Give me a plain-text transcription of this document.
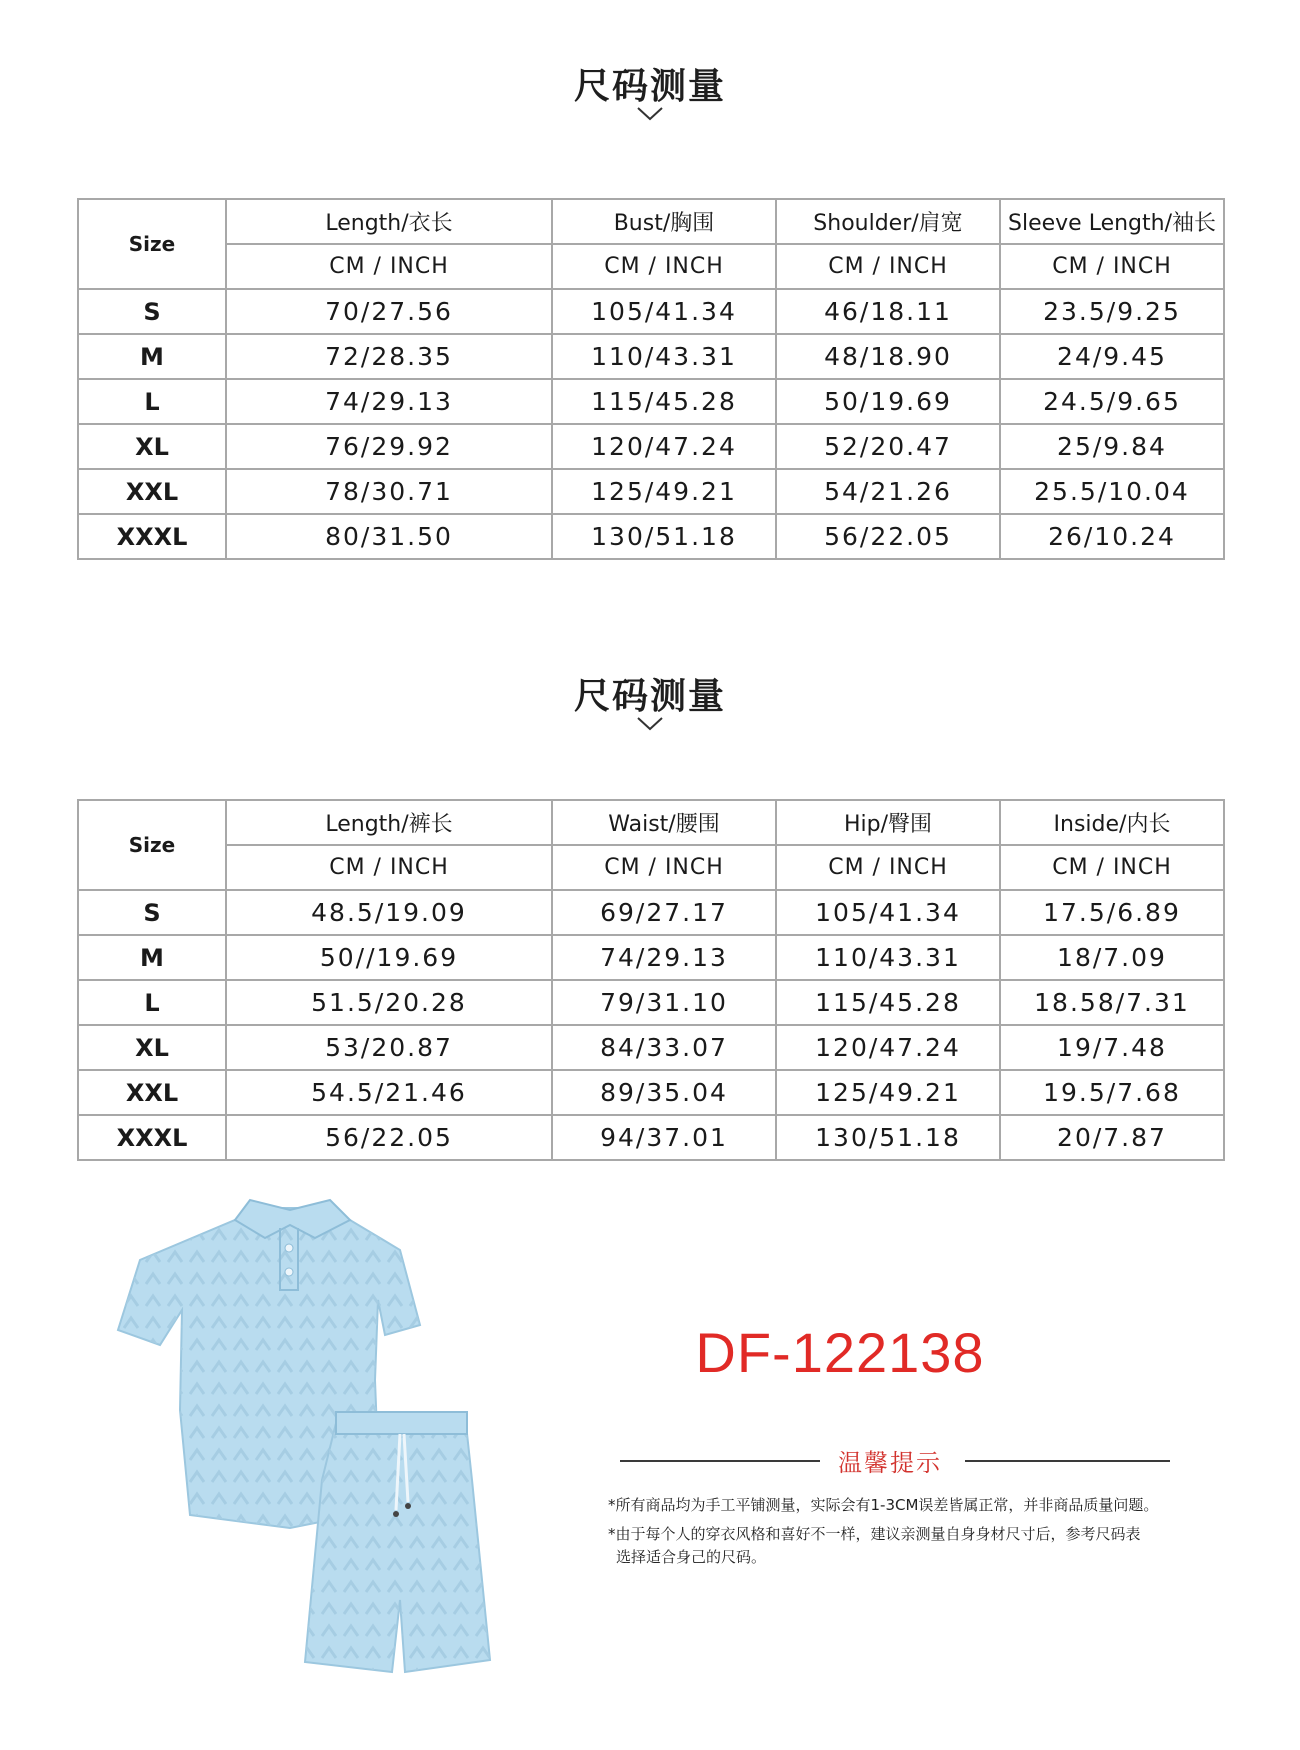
尺码测量
Size	Length/衣长	Bust/胸围	Shoulder/肩宽	Sleeve Length/袖长
	CM / INCH	CM / INCH	CM / INCH	CM / INCH
S	70/27.56	105/41.34	46/18.11	23.5/9.25
M	72/28.35	110/43.31	48/18.90	24/9.45
L	74/29.13	115/45.28	50/19.69	24.5/9.65
XL	76/29.92	120/47.24	52/20.47	25/9.84
XXL	78/30.71	125/49.21	54/21.26	25.5/10.04
XXXL	80/31.50	130/51.18	56/22.05	26/10.24
尺码测量
Size	Length/裤长	Waist/腰围	Hip/臀围	Inside/内长
	CM / INCH	CM / INCH	CM / INCH	CM / INCH
S	48.5/19.09	69/27.17	105/41.34	17.5/6.89
M	50//19.69	74/29.13	110/43.31	18/7.09
L	51.5/20.28	79/31.10	115/45.28	18.58/7.31
XL	53/20.87	84/33.07	120/47.24	19/7.48
XXL	54.5/21.46	89/35.04	125/49.21	19.5/7.68
XXXL	56/22.05	94/37.01	130/51.18	20/7.87
DF-122138
温馨提示
*所有商品均为手工平铺测量，实际会有1-3CM误差皆属正常，并非商品质量问题。
*由于每个人的穿衣风格和喜好不一样，建议亲测量自身身材尺寸后，参考尺码表
选择适合身己的尺码。
